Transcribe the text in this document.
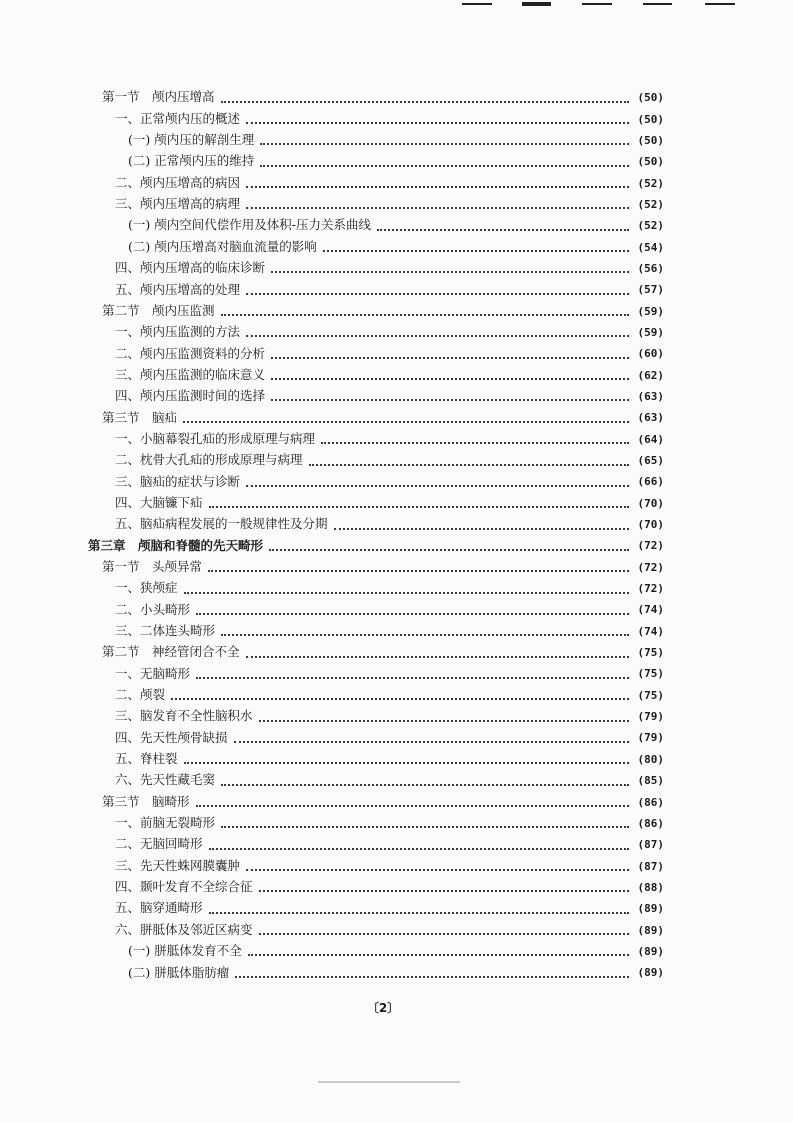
第一节　颅内压增高	(50)
一、正常颅内压的概述	(50)
(一) 颅内压的解剖生理	(50)
(二) 正常颅内压的维持	(50)
二、颅内压增高的病因	(52)
三、颅内压增高的病理	(52)
(一) 颅内空间代偿作用及体积-压力关系曲线	(52)
(二) 颅内压增高对脑血流量的影响	(54)
四、颅内压增高的临床诊断	(56)
五、颅内压增高的处理	(57)
第二节　颅内压监测	(59)
一、颅内压监测的方法	(59)
二、颅内压监测资料的分析	(60)
三、颅内压监测的临床意义	(62)
四、颅内压监测时间的选择	(63)
第三节　脑疝	(63)
一、小脑幕裂孔疝的形成原理与病理	(64)
二、枕骨大孔疝的形成原理与病理	(65)
三、脑疝的症状与诊断	(66)
四、大脑镰下疝	(70)
五、脑疝病程发展的一般规律性及分期	(70)
第三章　颅脑和脊髓的先天畸形	(72)
第一节　头颅异常	(72)
一、狭颅症	(72)
二、小头畸形	(74)
三、二体连头畸形	(74)
第二节　神经管闭合不全	(75)
一、无脑畸形	(75)
二、颅裂	(75)
三、脑发育不全性脑积水	(79)
四、先天性颅骨缺损	(79)
五、脊柱裂	(80)
六、先天性藏毛窦	(85)
第三节　脑畸形	(86)
一、前脑无裂畸形	(86)
二、无脑回畸形	(87)
三、先天性蛛网膜囊肿	(87)
四、颞叶发育不全综合征	(88)
五、脑穿通畸形	(89)
六、胼胝体及邻近区病变	(89)
(一) 胼胝体发育不全	(89)
(二) 胼胝体脂肪瘤	(89)
〔2〕
